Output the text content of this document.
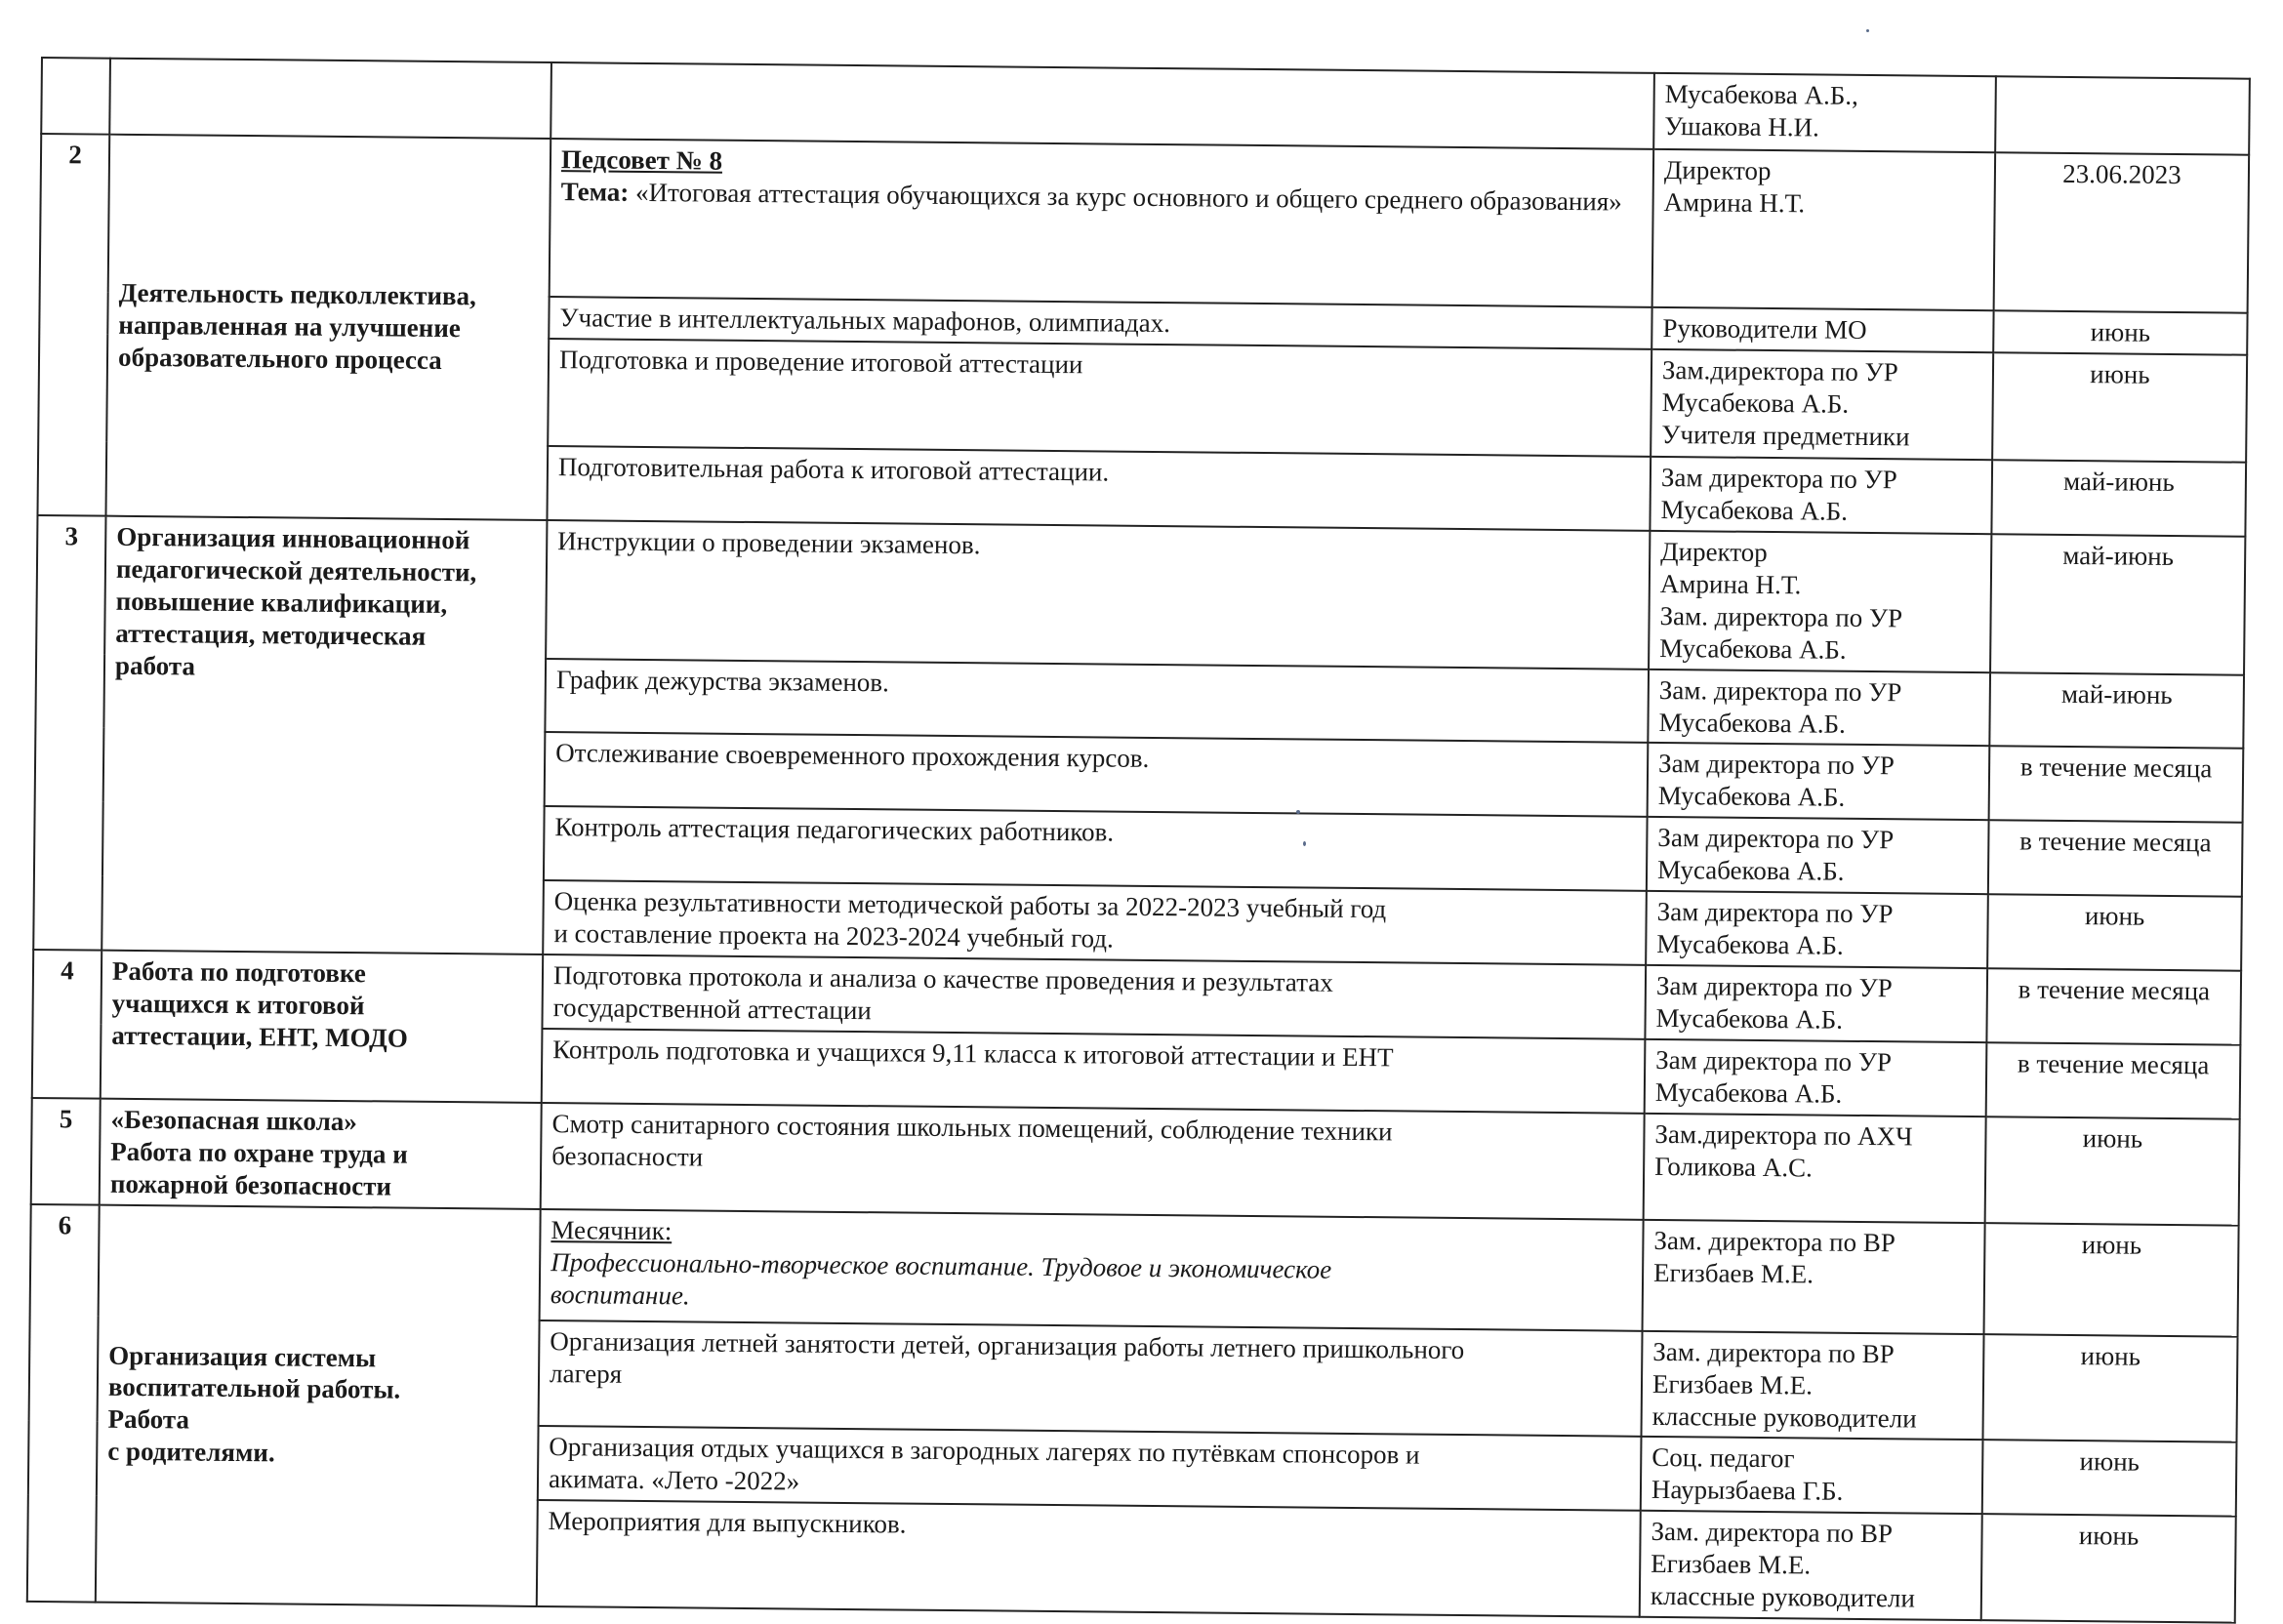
			Мусабекова А.Б.,
Ушакова Н.И.	

2	Деятельность педколлектива,
направленная на улучшение
образовательного процесса	Педсовет № 8
Тема: «Итоговая аттестация обучающихся за курс основного и общего среднего образования»	Директор
Амрина Н.Т.	23.06.2023
		Участие в интеллектуальных марафонов, олимпиадах.	Руководители МО	июнь
		Подготовка и проведение итоговой аттестации	Зам.директора по УР
Мусабекова А.Б.
Учителя предметники	июнь
		Подготовительная работа к итоговой аттестации.	Зам директора по УР
Мусабекова А.Б.	май-июнь
3	Организация инновационной
педагогической деятельности,
повышение квалификации,
аттестация, методическая
работа	Инструкции о проведении экзаменов.	Директор
Амрина Н.Т.
Зам. директора по УР
Мусабекова А.Б.	май-июнь
		График дежурства экзаменов.	Зам. директора по УР
Мусабекова А.Б.	май-июнь
		Отслеживание своевременного прохождения курсов.	Зам директора по УР
Мусабекова А.Б.	в течение месяца
		Контроль аттестация педагогических работников.	Зам директора по УР
Мусабекова А.Б.	в течение месяца

		Оценка результативности методической работы за 2022-2023 учебный год
и составление проекта на 2023-2024 учебный год.	Зам директора по УР
Мусабекова А.Б.	июнь
4	Работа по подготовке
учащихся к итоговой
аттестации, ЕНТ, МОДО	Подготовка протокола и анализа о качестве проведения и результатах
государственной аттестации	Зам директора по УР
Мусабекова А.Б.	в течение месяца
		Контроль подготовка и учащихся 9,11 класса к итоговой аттестации и ЕНТ	Зам директора по УР
Мусабекова А.Б.	в течение месяца
5	«Безопасная школа»
Работа по охране труда и
пожарной безопасности	Смотр санитарного состояния школьных помещений, соблюдение техники
безопасности	Зам.директора по АХЧ
Голикова А.С.	июнь
6	Организация системы
воспитательной работы.
Работа
с родителями.	Месячник:
Профессионально-творческое воспитание. Трудовое и экономическое
воспитание.	Зам. директора по ВР
Егизбаев М.Е.	июнь

		Организация летней занятости детей, организация работы летнего пришкольного
лагеря	Зам. директора по ВР
Егизбаев М.Е.
классные руководители	июнь

		Организация отдых учащихся в загородных лагерях по путёвкам спонсоров и
акимата. «Лето -2022»	Соц. педагог
Наурызбаева Г.Б.	июнь
		Мероприятия для выпускников.	Зам. директора по ВР
Егизбаев М.Е.
классные руководители	июнь
